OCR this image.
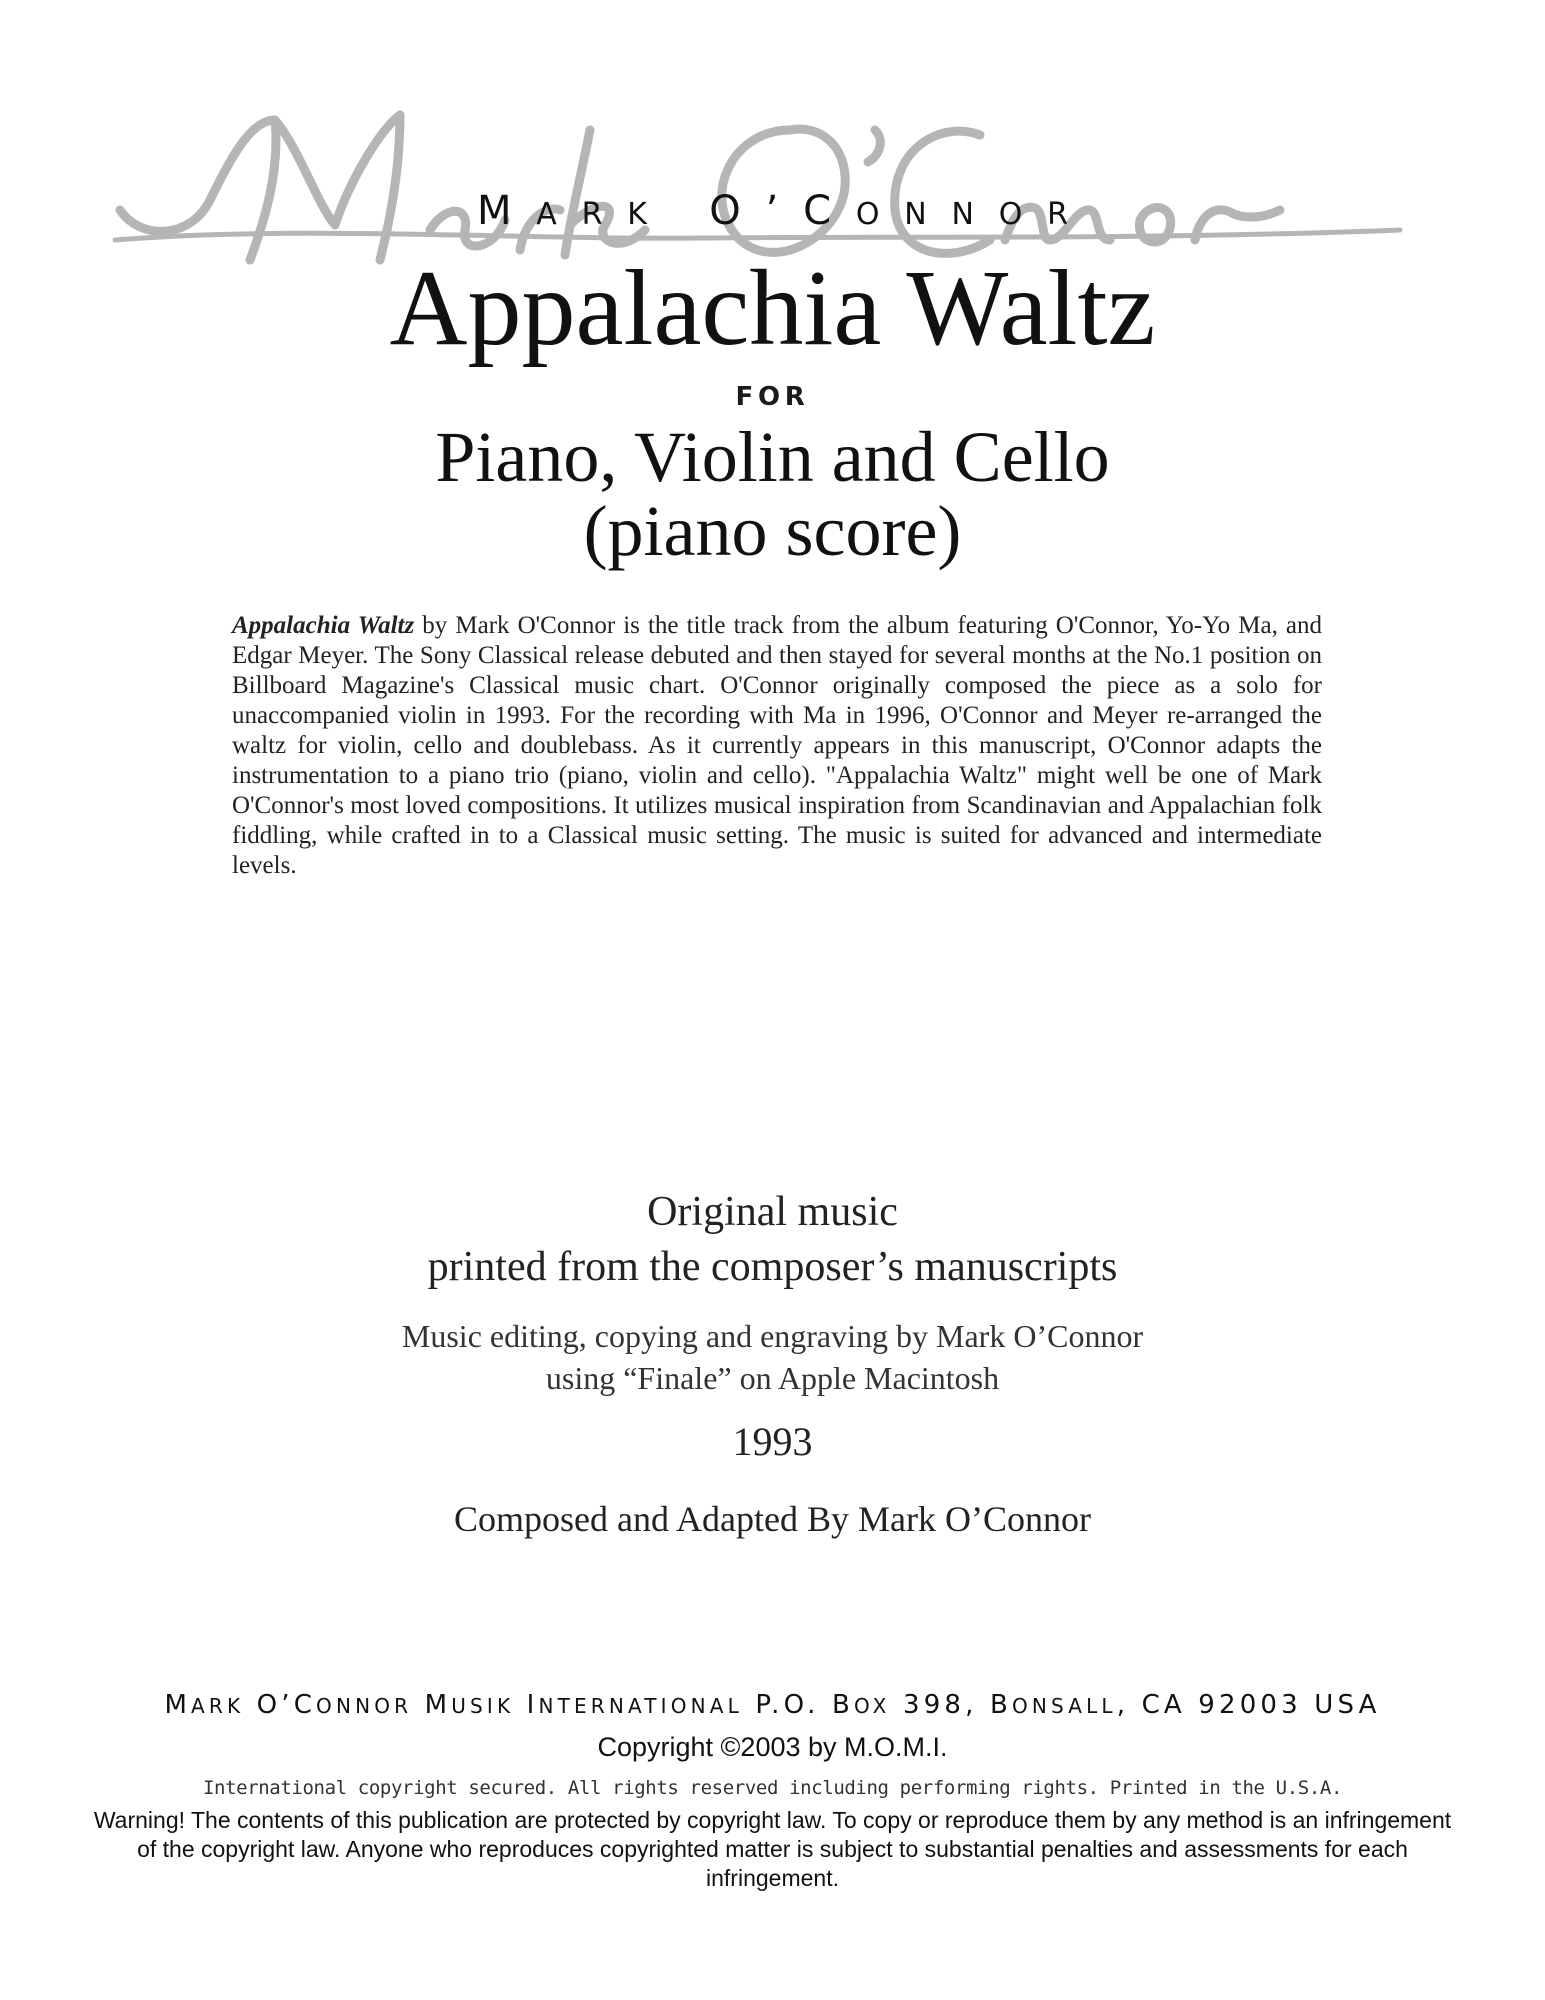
MARK O’CONNOR
Appalachia Waltz
FOR
Piano, Violin and Cello
(piano score)

Appalachia Waltz by Mark O'Connor is the title track from the album featuring O'Connor, Yo-Yo Ma, and Edgar Meyer. The Sony Classical release debuted and then stayed for several months at the No.1 position on Billboard Magazine's Classical music chart. O'Connor originally composed the piece as a solo for unaccompanied violin in 1993. For the recording with Ma in 1996, O'Connor and Meyer re-arranged the waltz for violin, cello and doublebass. As it currently appears in this manuscript, O'Connor adapts the instrumentation to a piano trio (piano, violin and cello). "Appalachia Waltz" might well be one of Mark O'Connor's most loved compositions. It utilizes musical inspiration from Scandinavian and Appalachian folk fiddling, while crafted in to a Classical music setting. The music is suited for advanced and intermediate levels.

Original music
printed from the composer’s manuscripts
Music editing, copying and engraving by Mark O’Connor
using “Finale” on Apple Macintosh
1993
Composed and Adapted By Mark O’Connor
MARK O’CONNOR MUSIK INTERNATIONAL P.O. BOX 398, BONSALL, CA 92003 USA
Copyright ©2003 by M.O.M.I.
International copyright secured. All rights reserved including performing rights. Printed in the U.S.A.
Warning! The contents of this publication are protected by copyright law. To copy or reproduce them by any method is an infringement of the copyright law. Anyone who reproduces copyrighted matter is subject to substantial penalties and assessments for each infringement.
